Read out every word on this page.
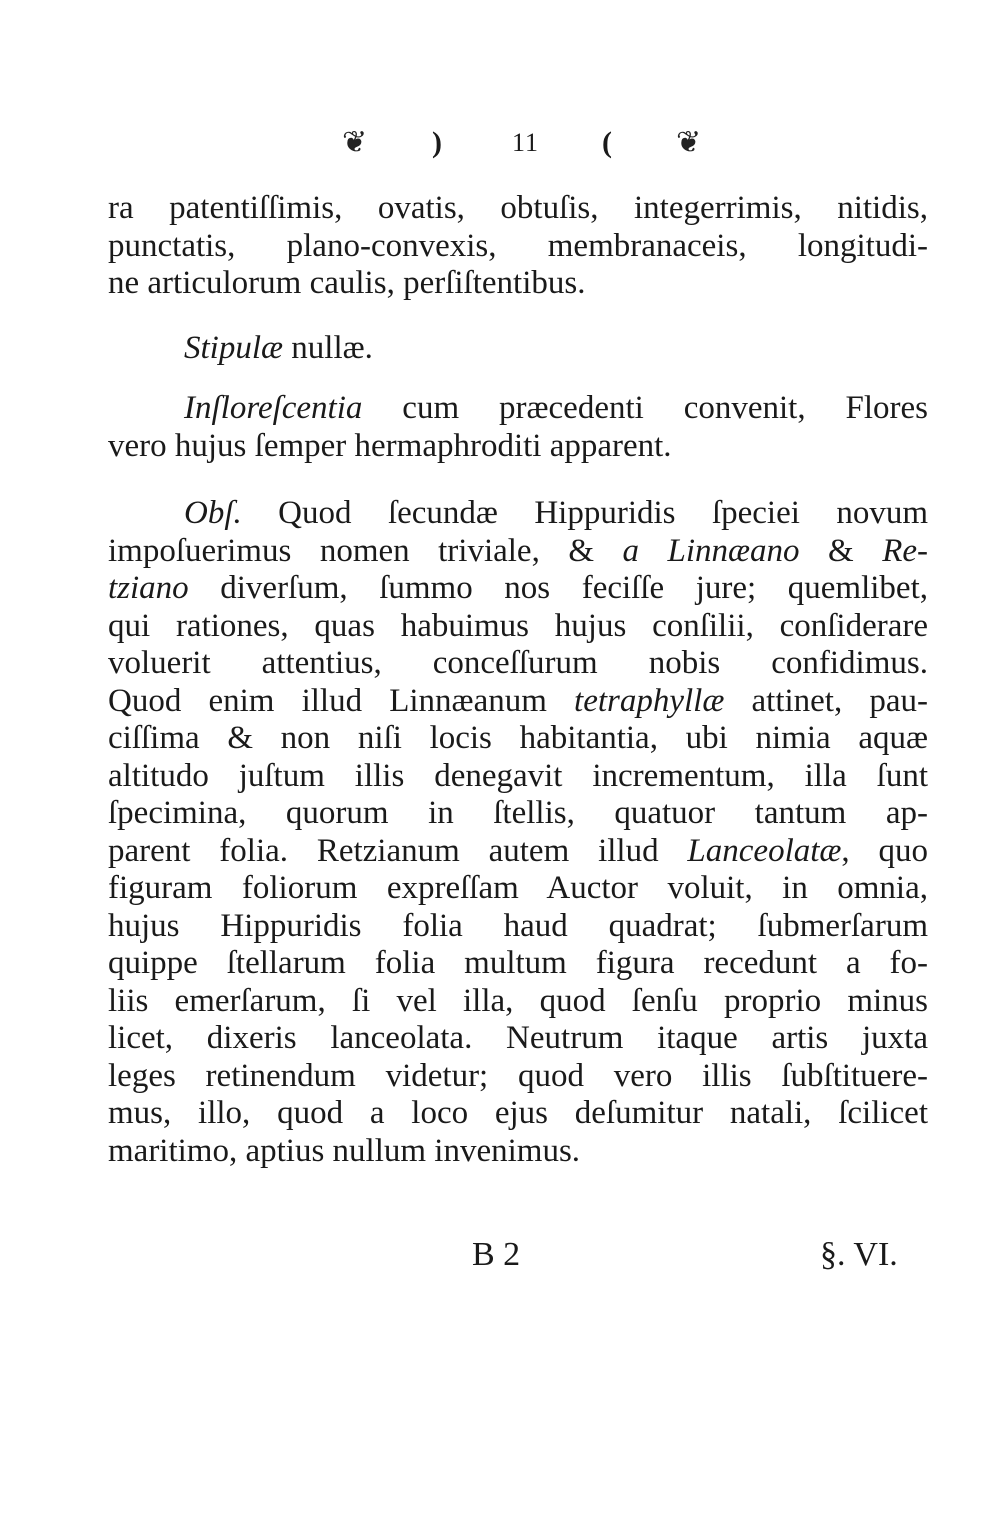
❦ )	11 ( ❦
ra patentiſſimis, ovatis, obtuſis, integerrimis, nitidis,
punctatis, plano-convexis, membranaceis, longitudi-
ne articulorum caulis, perſiſtentibus.
Stipulæ nullæ.
Inſloreſcentia cum præcedenti convenit, Flores
vero hujus ſemper hermaphroditi apparent.
Obſ. Quod ſecundæ Hippuridis ſpeciei novum
impoſuerimus nomen triviale, & a Linnæano & Re-
tziano diverſum, ſummo nos feciſſe jure; quemlibet,
qui rationes, quas habuimus hujus conſilii, conſiderare
voluerit attentius, conceſſurum nobis confidimus.
Quod enim illud Linnæanum tetraphyllæ attinet, pau-
ciſſima & non niſi locis habitantia, ubi nimia aquæ
altitudo juſtum illis denegavit incrementum, illa ſunt
ſpecimina, quorum in ſtellis, quatuor tantum ap-
parent folia. Retzianum autem illud Lanceolatæ, quo
figuram foliorum expreſſam Auctor voluit, in omnia,
hujus Hippuridis folia haud quadrat; ſubmerſarum
quippe ſtellarum folia multum figura recedunt a fo-
liis emerſarum, ſi vel illa, quod ſenſu proprio minus
licet, dixeris lanceolata. Neutrum itaque artis juxta
leges retinendum videtur; quod vero illis ſubſtituere-
mus, illo, quod a loco ejus deſumitur natali, ſcilicet
maritimo, aptius nullum invenimus.
B 2	§. VI.
